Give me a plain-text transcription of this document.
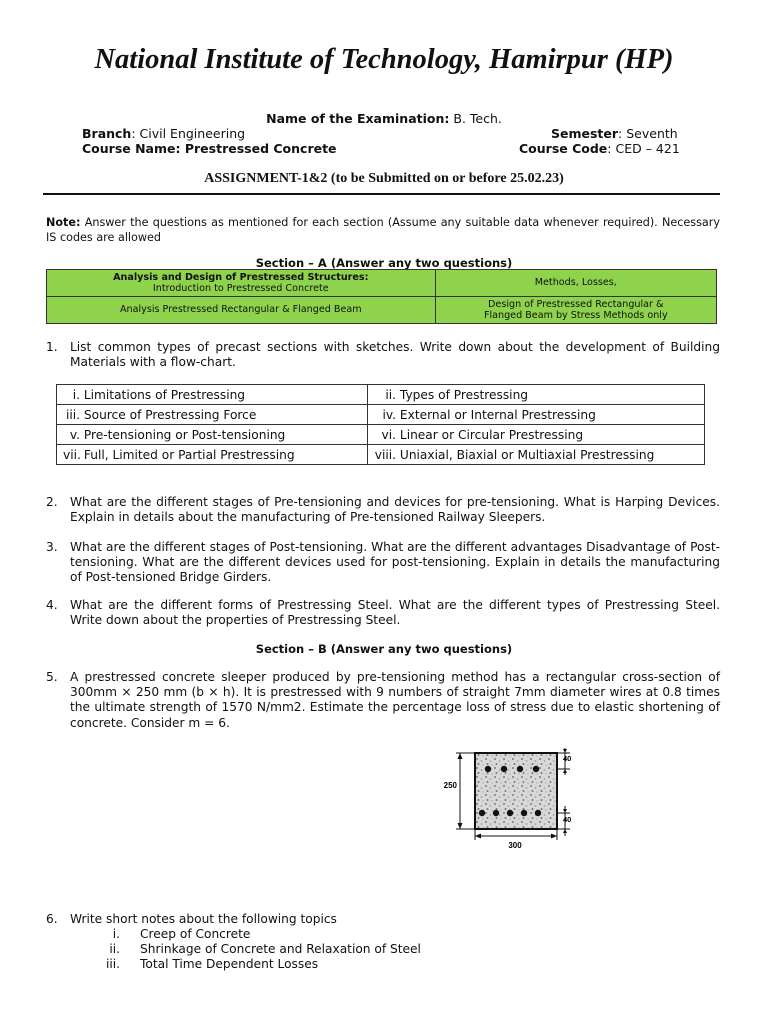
National Institute of Technology, Hamirpur (HP)
Name of the Examination: B. Tech.
Branch: Civil Engineering	Semester: Seventh
Course Name: Prestressed Concrete	Course Code: CED – 421
ASSIGNMENT-1&2 (to be Submitted on or before 25.02.23)
Note: Answer the questions as mentioned for each section (Assume any suitable data whenever required). Necessary IS codes are allowed
Section – A (Answer any two questions)
Analysis and Design of Prestressed Structures:
Introduction to Prestressed Concrete	Methods, Losses,
Analysis Prestressed Rectangular & Flanged Beam	Design of Prestressed Rectangular &
Flanged Beam by Stress Methods only
1. List common types of precast sections with sketches. Write down about the development of Building Materials with a flow-chart.
i. Limitations of Prestressing	ii. Types of Prestressing
iii. Source of Prestressing Force	iv. External or Internal Prestressing
v. Pre-tensioning or Post-tensioning	vi. Linear or Circular Prestressing
vii. Full, Limited or Partial Prestressing	viii. Uniaxial, Biaxial or Multiaxial Prestressing
2. What are the different stages of Pre-tensioning and devices for pre-tensioning. What is Harping Devices. Explain in details about the manufacturing of Pre-tensioned Railway Sleepers.
3. What are the different stages of Post-tensioning. What are the different advantages Disadvantage of Post-tensioning. What are the different devices used for post-tensioning. Explain in details the manufacturing of Post-tensioned Bridge Girders.
4. What are the different forms of Prestressing Steel. What are the different types of Prestressing Steel. Write down about the properties of Prestressing Steel.
Section – B (Answer any two questions)
5. A prestressed concrete sleeper produced by pre-tensioning method has a rectangular cross-section of 300mm × 250 mm (b × h). It is prestressed with 9 numbers of straight 7mm diameter wires at 0.8 times the ultimate strength of 1570 N/mm2. Estimate the percentage loss of stress due to elastic shortening of concrete. Consider m = 6.
250
40
40
300
6. Write short notes about the following topics
i. Creep of Concrete
ii. Shrinkage of Concrete and Relaxation of Steel
iii. Total Time Dependent Losses
